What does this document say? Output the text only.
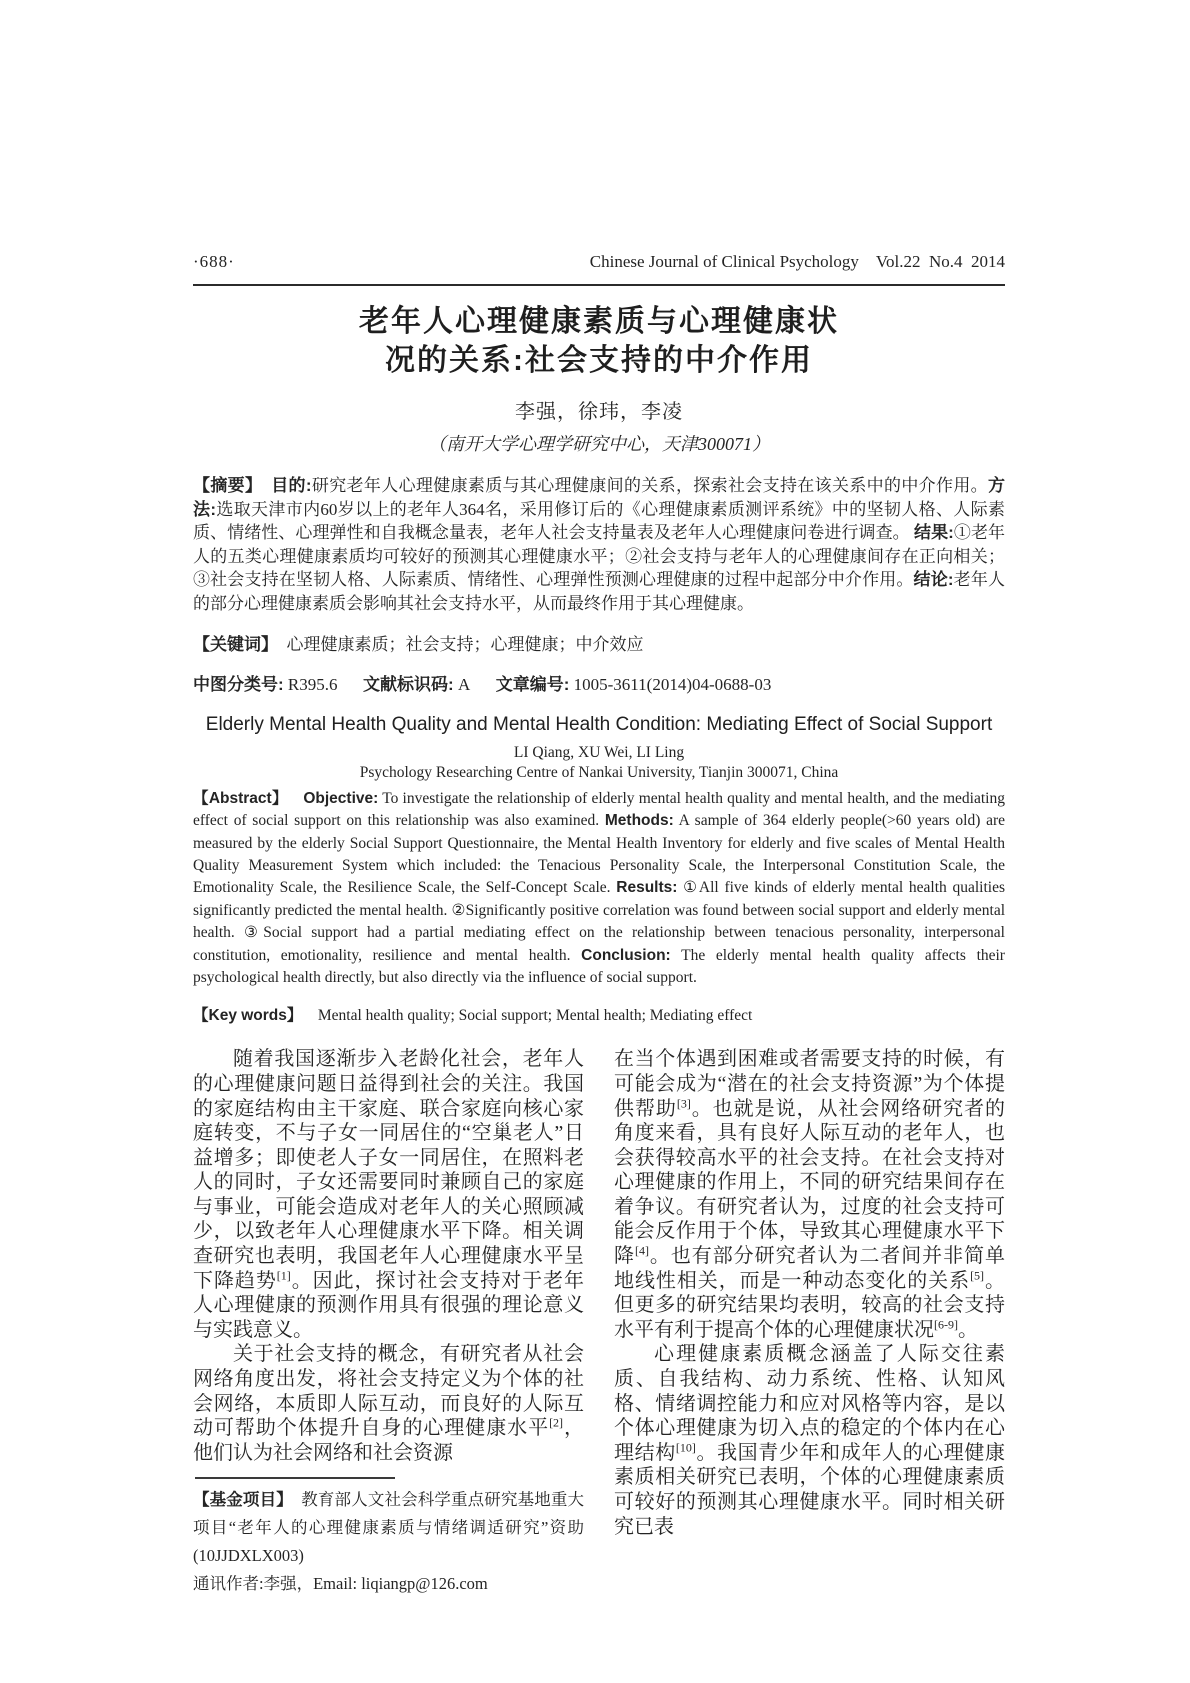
·688·	Chinese Journal of Clinical Psychology Vol.22 No.4 2014
老年人心理健康素质与心理健康状
况的关系:社会支持的中介作用
李强，徐玮，李凌
（南开大学心理学研究中心，天津300071）

【摘要】　 目的:研究老年人心理健康素质与其心理健康间的关系，探索社会支持在该关系中的中介作用。方法:选取天津市内60岁以上的老年人364名，采用修订后的《心理健康素质测评系统》中的坚韧人格、人际素质、情绪性、心理弹性和自我概念量表，老年人社会支持量表及老年人心理健康问卷进行调查。 结果:①老年人的五类心理健康素质均可较好的预测其心理健康水平；②社会支持与老年人的心理健康间存在正向相关；③社会支持在坚韧人格、人际素质、情绪性、心理弹性预测心理健康的过程中起部分中介作用。结论:老年人的部分心理健康素质会影响其社会支持水平，从而最终作用于其心理健康。

【关键词】　心理健康素质；社会支持；心理健康；中介效应

中图分类号: R395.6  文献标识码: A  文章编号: 1005-3611(2014)04-0688-03

Elderly Mental Health Quality and Mental Health Condition: Mediating Effect of Social Support
LI Qiang, XU Wei, LI Ling
Psychology Researching Centre of Nankai University, Tianjin 300071, China

【Abstract】  Objective: To investigate the relationship of elderly mental health quality and mental health, and the mediating effect of social support on this relationship was also examined. Methods: A sample of 364 elderly people(>60 years old) are measured by the elderly Social Support Questionnaire, the Mental Health Inventory for elderly and five scales of Mental Health Quality Measurement System which included: the Tenacious Personality Scale, the Interpersonal Constitution Scale, the Emotionality Scale, the Resilience Scale, the Self-Concept Scale. Results: ①All five kinds of elderly mental health qualities significantly predicted the mental health. ②Significantly positive correlation was found between social support and elderly mental health. ③Social support had a partial mediating effect on the relationship between tenacious personality, interpersonal constitution, emotionality, resilience and mental health. Conclusion: The elderly mental health quality affects their psychological health directly, but also directly via the influence of social support.

【Key words】 Mental health quality; Social support; Mental health; Mediating effect

随着我国逐渐步入老龄化社会，老年人的心理健康问题日益得到社会的关注。我国的家庭结构由主干家庭、联合家庭向核心家庭转变，不与子女一同居住的“空巢老人”日益增多；即使老人子女一同居住，在照料老人的同时，子女还需要同时兼顾自己的家庭与事业，可能会造成对老年人的关心照顾减少，以致老年人心理健康水平下降。相关调查研究也表明，我国老年人心理健康水平呈下降趋势[1]。因此，探讨社会支持对于老年人心理健康的预测作用具有很强的理论意义与实践意义。

关于社会支持的概念，有研究者从社会网络角度出发，将社会支持定义为个体的社会网络，本质即人际互动，而良好的人际互动可帮助个体提升自身的心理健康水平[2]，他们认为社会网络和社会资源

【基金项目】 教育部人文社会科学重点研究基地重大项目“老年人的心理健康素质与情绪调适研究”资助(10JJDXLX003)

通讯作者:李强，Email: liqiangp@126.com

在当个体遇到困难或者需要支持的时候，有可能会成为“潜在的社会支持资源”为个体提供帮助[3]。也就是说，从社会网络研究者的角度来看，具有良好人际互动的老年人，也会获得较高水平的社会支持。在社会支持对心理健康的作用上，不同的研究结果间存在着争议。有研究者认为，过度的社会支持可能会反作用于个体，导致其心理健康水平下降[4]。也有部分研究者认为二者间并非简单地线性相关，而是一种动态变化的关系[5]。但更多的研究结果均表明，较高的社会支持水平有利于提高个体的心理健康状况[6-9]。

心理健康素质概念涵盖了人际交往素质、自我结构、动力系统、性格、认知风格、情绪调控能力和应对风格等内容，是以个体心理健康为切入点的稳定的个体内在心理结构[10]。我国青少年和成年人的心理健康素质相关研究已表明，个体的心理健康素质可较好的预测其心理健康水平。同时相关研究已表
